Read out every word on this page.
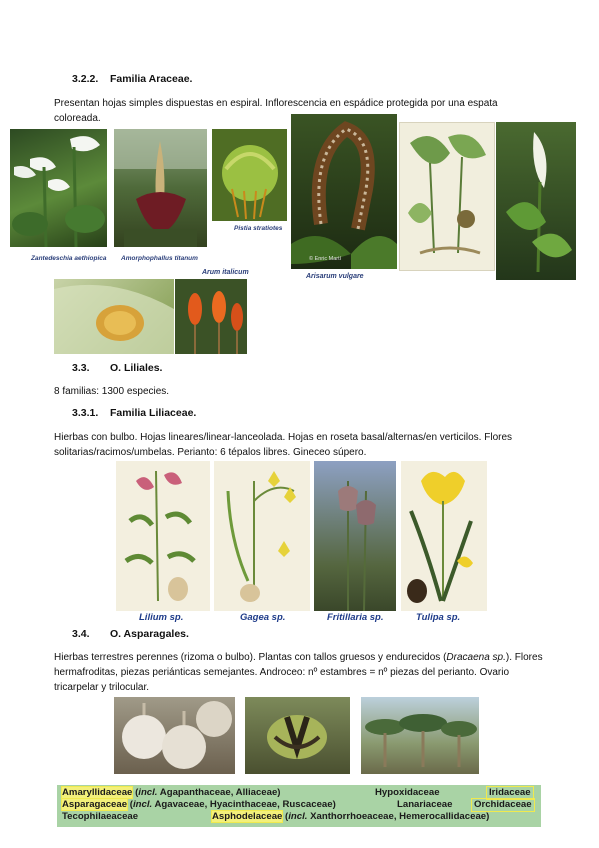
3.2.2. Familia Araceae.
Presentan hojas simples dispuestas en espiral. Inflorescencia en espádice protegida por una espata coloreada.
Zantedeschia aethiopica Amorphophallus titanum
Pistia stratiotes
© Enric Martí
Arisarum vulgare
Arum italicum
3.3. O. Liliales.
8 familias: 1300 especies.
3.3.1. Familia Liliaceae.
Hierbas con bulbo. Hojas lineares/linear-lanceolada. Hojas en roseta basal/alternas/en verticilos. Flores solitarias/racimos/umbelas. Perianto: 6 tépalos libres. Gineceo súpero.
Lilium sp.	Gagea sp.	Fritillaria sp.	Tulipa sp.
3.4. O. Asparagales.
Hierbas terrestres perennes (rizoma o bulbo). Plantas con tallos gruesos y endurecidos (Dracaena sp.). Flores hermafroditas, piezas periánticas semejantes. Androceo: nº estambres = nº piezas del perianto. Ovario tricarpelar y trilocular.
Amaryllidaceae (incl. Agapanthaceae, Alliaceae)	Hypoxidaceae	Iridaceae
Asparagaceae (incl. Agavaceae, Hyacinthaceae, Ruscaceae)	Lanariaceae Orchidaceae
Tecophilaeaceae	Asphodelaceae (incl. Xanthorrhoeaceae, Hemerocallidaceae)
